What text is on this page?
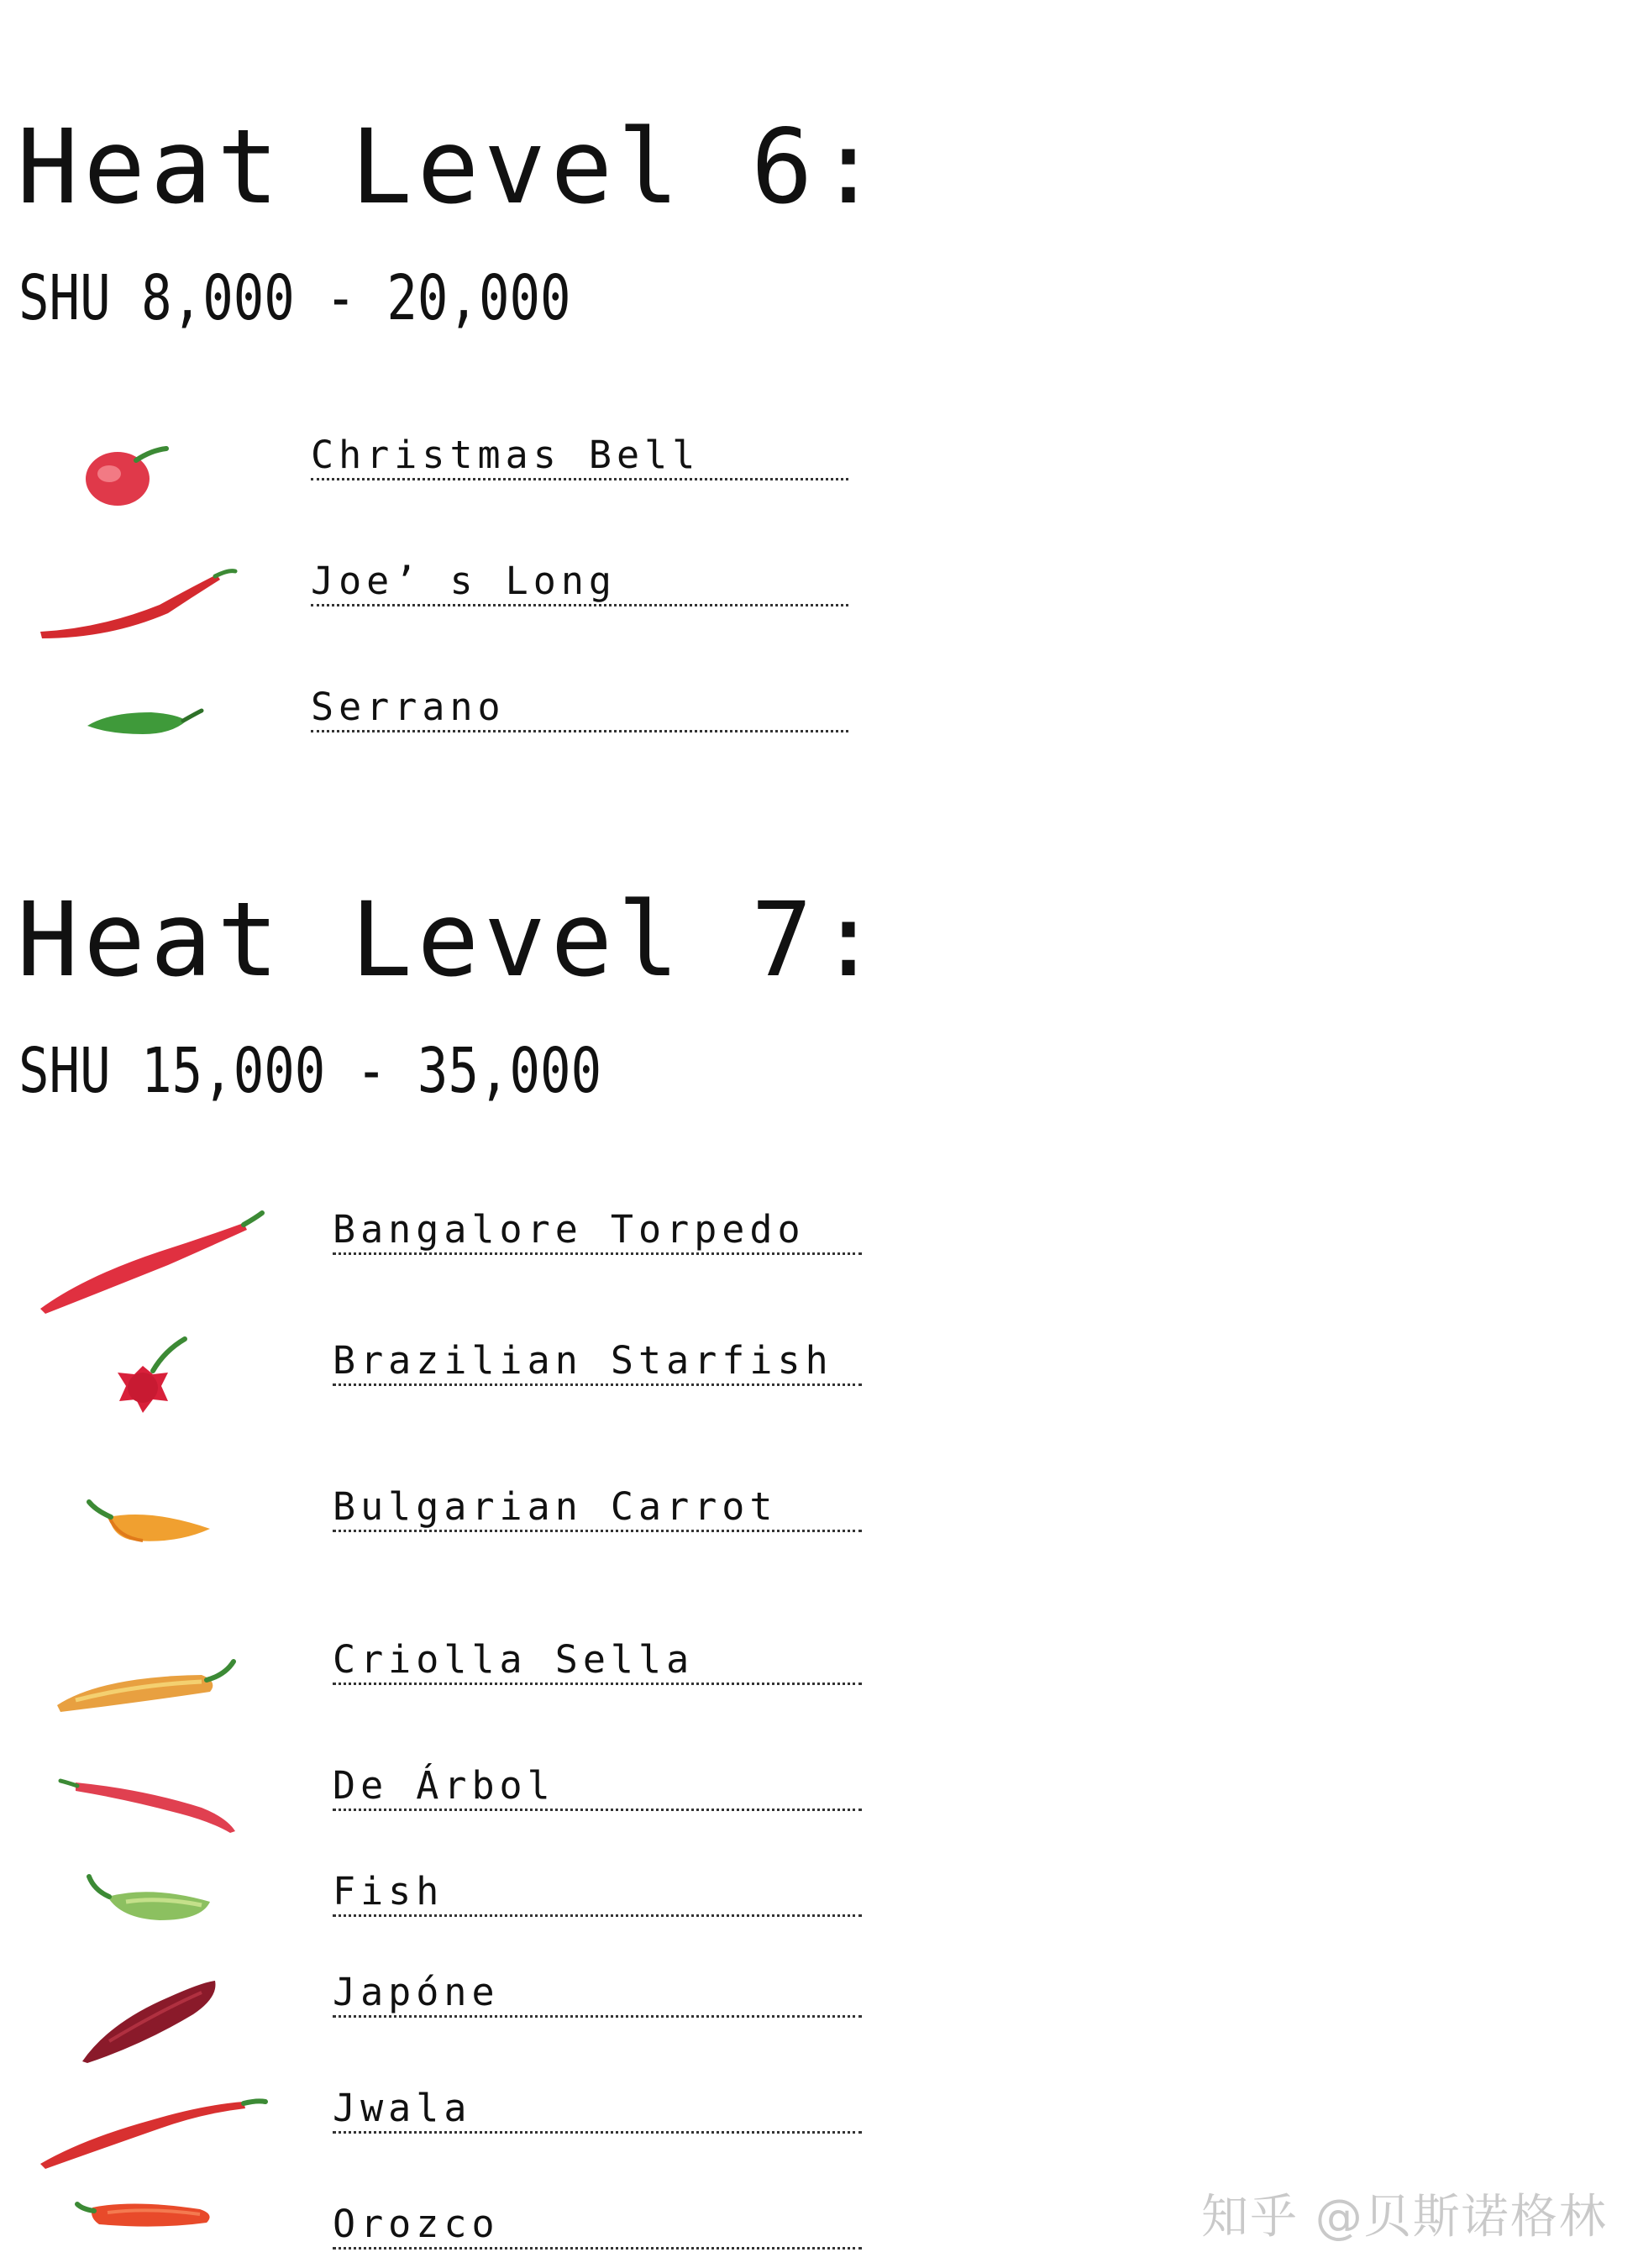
Heat Level 6:
SHU 8,000 - 20,000
Christmas Bell
Joe’ s Long
Serrano
Heat Level 7:
SHU 15,000 - 35,000
Bangalore Torpedo
Brazilian Starfish
Bulgarian Carrot
Criolla Sella
De Árbol
Fish
Japóne
Jwala
Orozco	知乎 @贝斯诺格林
